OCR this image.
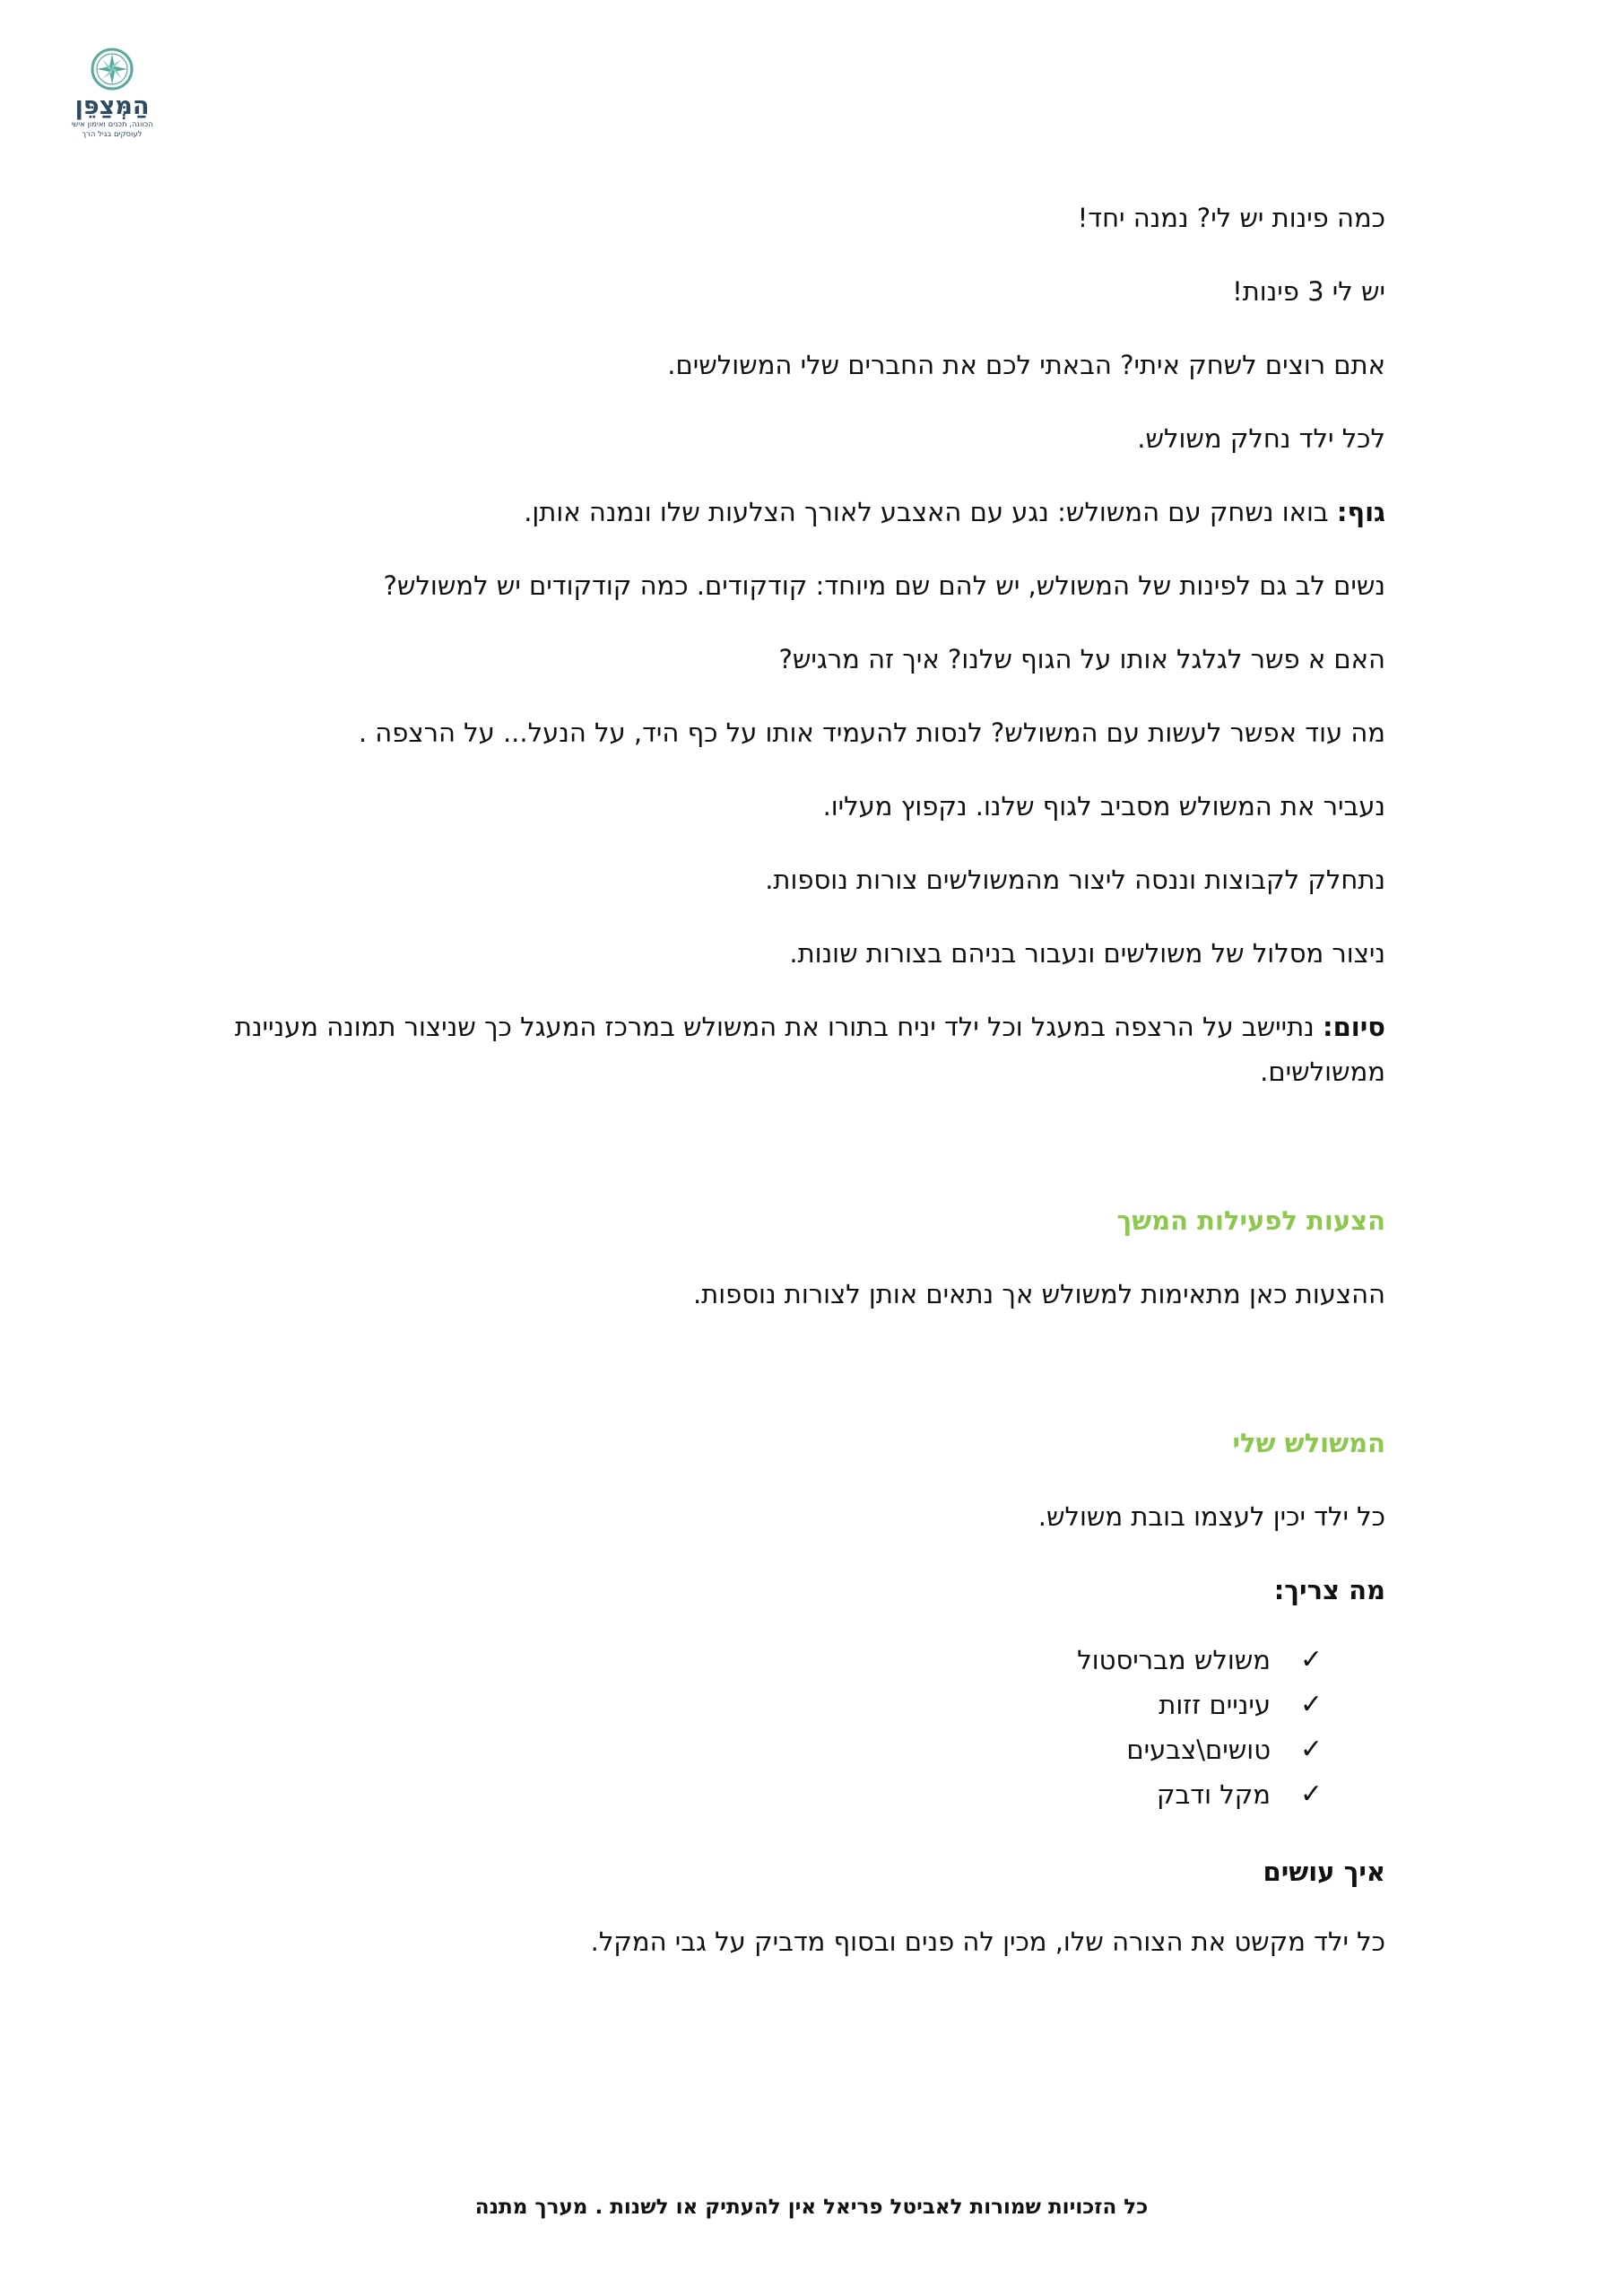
הַמְּצַפֵּן
הכוונה, תכנים ואימון אישי
לעוסקים בגיל הרך

כמה פינות יש לי? נמנה יחד!

יש לי 3 פינות!

אתם רוצים לשחק איתי? הבאתי לכם את החברים שלי המשולשים.

לכל ילד נחלק משולש.

גוף: בואו נשחק עם המשולש: נגע עם האצבע לאורך הצלעות שלו ונמנה אותן.

נשים לב גם לפינות של המשולש, יש להם שם מיוחד: קודקודים. כמה קודקודים יש למשולש?

האם א פשר לגלגל אותו על הגוף שלנו? איך זה מרגיש?

מה עוד אפשר לעשות עם המשולש? לנסות להעמיד אותו על כף היד, על הנעל... על הרצפה .

נעביר את המשולש מסביב לגוף שלנו. נקפוץ מעליו.

נתחלק לקבוצות וננסה ליצור מהמשולשים צורות נוספות.

ניצור מסלול של משולשים ונעבור בניהם בצורות שונות.

סיום: נתיישב על הרצפה במעגל וכל ילד יניח בתורו את המשולש במרכז המעגל כך שניצור תמונה מעניינת ממשולשים.

הצעות לפעילות המשך

ההצעות כאן מתאימות למשולש אך נתאים אותן לצורות נוספות.

המשולש שלי

כל ילד יכין לעצמו בובת משולש.

מה צריך:
✓
משולש מבריסטול
✓
עיניים זזות
✓
טושים\צבעים
✓
מקל ודבק
איך עושים

כל ילד מקשט את הצורה שלו, מכין לה פנים ובסוף מדביק על גבי המקל.

כל הזכויות שמורות לאביטל פריאל אין להעתיק או לשנות . מערך מתנה
